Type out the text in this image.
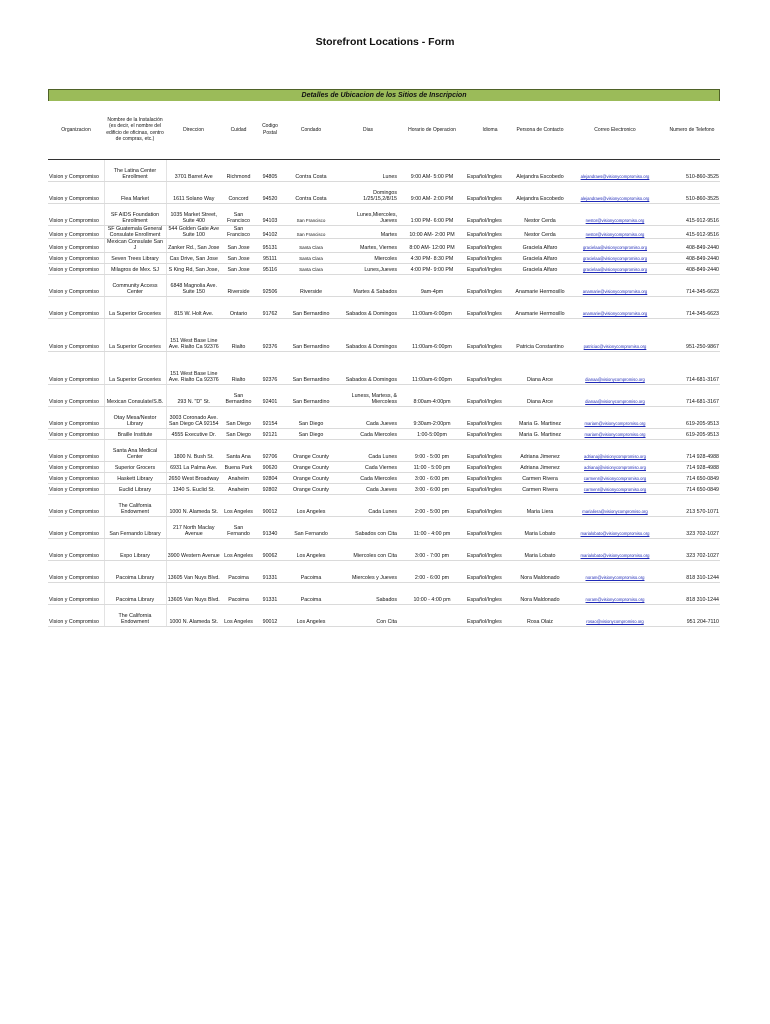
Storefront Locations - Form
Detalles de Ubicacion de los Sitios de Inscripcion
Organizacion	Nombre de la Instalación (es decir, el nombre del edificio de oficinas, centro de compras, etc.)	Direccion	Cuidad	Codigo Postal	Condado	Dias	Horario de Operacion	Idioma	Persona de Contacto	Correo Electronico	Numero de Telefono
Vision y Compromiso	The Latina Center Enrollment	3701 Barret Ave	Richmond	94805	Contra Costa	Lunes	9:00 AM- 5:00 PM	Español/Ingles	Alejandra Escobedo	alejandraes@visionycompromiso.org	510-860-3525
Vision y Compromiso	Flea Market	1611 Solano Way	Concord	94520	Contra Costa	Domingos 1/25/15,2/8/15	9:00 AM- 2:00 PM	Español/Ingles	Alejandra Escobedo	alejandraes@visionycompromiso.org	510-860-3525
Vision y Compromiso	SF AIDS Foundation Enrollment	1035 Market Street, Suite 400	San Francisco	94103	San Francisco	Lunes,Miercoles, Jueves	1:00 PM- 6:00 PM	Español/Ingles	Nestor Cerda	nestor@visionycompromiso.org	415-912-9516
Vision y Compromiso	SF Guatemala General Consulate Enrollment	544 Golden Gate Ave Suite 100	San Francisco	94102	San Francisco	Martes	10:00 AM- 2:00 PM	Español/Ingles	Nestor Cerda	nestor@visionycompromiso.org	415-912-9516
Vision y Compromiso	Mexican Consulate San J	Zanker Rd., San Jose	San Jose	95131	Santa Clara	Martes, Viernes	8:00 AM- 12:00 PM	Español/Ingles	Graciela Alfaro	gracielaa@visionycompromiso.org	408-849-2440
Vision y Compromiso	Seven Trees Library	Cas Drive, San Jose	San Jose	95111	Santa Clara	Miercoles	4:30 PM- 8:30 PM	Español/Ingles	Graciela Alfaro	gracielaa@visionycompromiso.org	408-849-2440
Vision y Compromiso	Milagros de Mex. SJ	S King Rd, San Jose,	San Jose	95116	Santa Clara	Lunes,Jueves	4:00 PM- 9:00 PM	Español/Ingles	Graciela Alfaro	gracielaa@visionycompromiso.org	408-849-2440
Vision y Compromiso	Community Access Center	6848 Magnolia Ave. Suite 150	Riverside	92506	Riverside	Martes & Sabados	9am-4pm	Español/Ingles	Anamarie Hermosillo	anamarie@visionycompromiso.org	714-345-6623
Vision y Compromiso	La Superior Groceries	815 W. Holt Ave.	Ontario	91762	San Bernardino	Sabados & Domingos	11:00am-6:00pm	Español/Ingles	Anamarie Hermosillo	anamarie@visionycompromiso.org	714-345-6623
Vision y Compromiso	La Superior Groceries	151 West Base Line Ave. Rialto Ca 92376	Rialto	92376	San Bernardino	Sabados & Domingos	11:00am-6:00pm	Español/Ingles	Patricia Constantino	patriciac@visionycompromiso.org	951-250-9867
Vision y Compromiso	La Superior Groceries	151 West Base Line Ave. Rialto Ca 92376	Rialto	92376	San Bernardino	Sabados & Domingos	11:00am-6:00pm	Español/Ingles	Diana Arce	dianaa@visionycompromiso.org	714-681-3167
Vision y Compromiso	Mexican Consulate/S.B.	293 N. "D" St.	San Bernardino	92401	San Bernardino	Luness, Martess, & Miercoless	8:00am-4:00pm	Español/Ingles	Diana Arce	dianaa@visionycompromiso.org	714-681-3167
Vision y Compromiso	Otay Mesa/Nestor Library	3003 Coronado Ave. San Diego CA 92154	San Diego	92154	San Diego	Cada Jueves	9:30am-2:00pm	Español/Ingles	Maria G. Martinez	mariam@visionycompromiso.org	619-205-9513
Vision y Compromiso	Braille Institute	4555 Executive Dr.	San Diego	92121	San Diego	Cada Miercoles	1:00-5:00pm	Español/Ingles	Maria G. Martinez	mariam@visionycompromiso.org	619-205-9513
Vision y Compromiso	Santa Ana Medical Center	1800 N. Bush St.	Santa Ana	92706	Orange County	Cada Lunes	9:00 - 5:00 pm	Español/Ingles	Adriana Jimenez	adrianaj@visionycompromiso.org	714 928-4988
Vision y Compromiso	Superior Grocers	6931 La Palma Ave.	Buena Park	90620	Orange County	Cada Viernes	11:00 - 5:00 pm	Español/Ingles	Adriana Jimenez	adrianaj@visionycompromiso.org	714 928-4988
Vision y Compromiso	Haskett Library	2650 West Broadway	Anaheim	92804	Orange County	Cada Miercoles	3:00 - 6:00 pm	Español/Ingles	Carmen Rivera	carmenr@visionycompromiso.org	714 650-0849
Vision y Compromiso	Euclid Library	1340 S. Euclid St.	Anaheim	92802	Orange County	Cada Jueves	3:00 - 6:00 pm	Español/Ingles	Carmen Rivera	carmenr@visionycompromiso.org	714 650-0849
Vision y Compromiso	The California Endowment	1000 N. Alameda St.	Los Angeles	90012	Los Angeles	Cada Lunes	2:00 - 5:00 pm	Español/Ingles	Maria Liera	marialiera@visionycompromiso.org	213 570-1071
Vision y Compromiso	San Fernando Library	217 North Maclay Avenue	San Fernando	91340	San Fernando	Sabados con Cita	11:00 - 4:00 pm	Español/Ingles	Maria Lobato	marialobato@visionycompromiso.org	323 702-1027
Vision y Compromiso	Expo Library	3900 Western Avenue	Los Angeles	90062	Los Angeles	Miercoles con Cita	3:00 - 7:00 pm	Español/Ingles	Maria Lobato	marialobato@visionycompromiso.org	323 702-1027
Vision y Compromiso	Pacoima Library	13605 Van Nuys Blvd.	Pacoima	91331	Pacoima	Miercoles y Jueves	2:00 - 6:00 pm	Español/Ingles	Nora Maldonado	noram@visionycompromiso.org	818 310-1244
Vision y Compromiso	Pacoima Library	13605 Van Nuys Blvd.	Pacoima	91331	Pacoima	Sabados	10:00 - 4:00 pm	Español/Ingles	Nora Maldonado	noram@visionycompromiso.org	818 310-1244
Vision y Compromiso	The California Endowment	1000 N. Alameda St.	Los Angeles	90012	Los Angeles	Con Cita		Español/Ingles	Rosa Olaiz	rosao@visionycompromiso.org	951 204-7110
